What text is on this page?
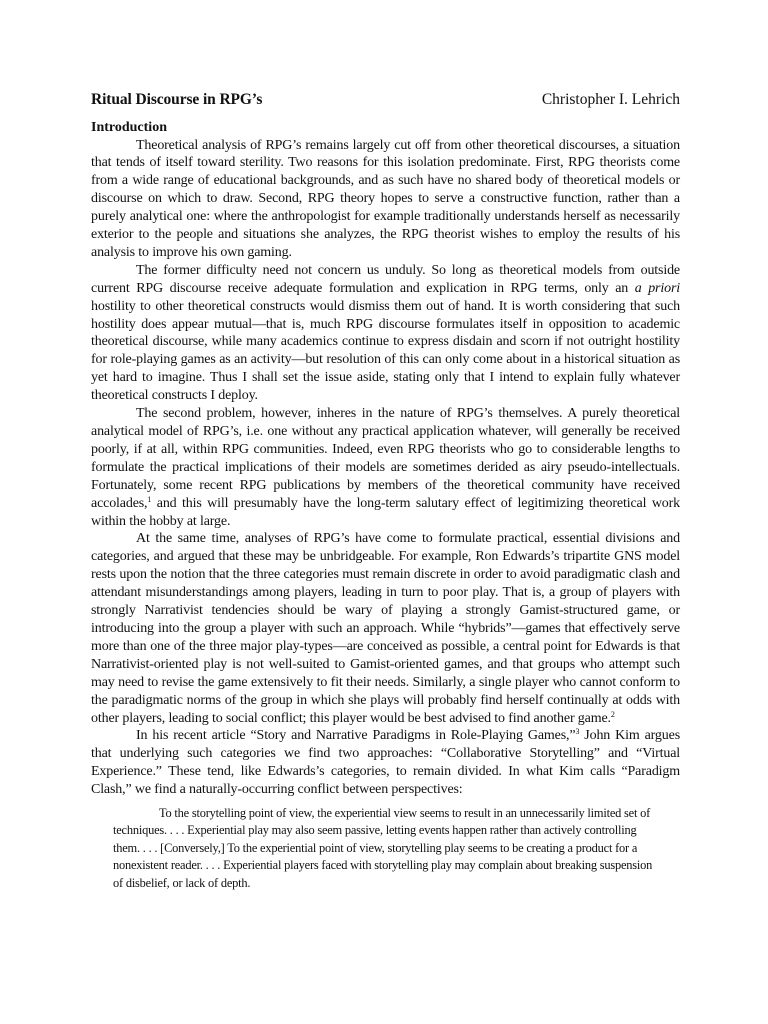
Ritual Discourse in RPG’s	Christopher I. Lehrich
Introduction

Theoretical analysis of RPG’s remains largely cut off from other theoretical discourses, a situation that tends of itself toward sterility. Two reasons for this isolation predominate. First, RPG theorists come from a wide range of educational backgrounds, and as such have no shared body of theoretical models or discourse on which to draw. Second, RPG theory hopes to serve a constructive function, rather than a purely analytical one: where the anthropologist for example traditionally understands herself as necessarily exterior to the people and situations she analyzes, the RPG theorist wishes to employ the results of his analysis to improve his own gaming.

The former difficulty need not concern us unduly. So long as theoretical models from outside current RPG discourse receive adequate formulation and explication in RPG terms, only an a priori hostility to other theoretical constructs would dismiss them out of hand. It is worth considering that such hostility does appear mutual—that is, much RPG discourse formulates itself in opposition to academic theoretical discourse, while many academics continue to express disdain and scorn if not outright hostility for role-playing games as an activity—but resolution of this can only come about in a historical situation as yet hard to imagine. Thus I shall set the issue aside, stating only that I intend to explain fully whatever theoretical constructs I deploy.

The second problem, however, inheres in the nature of RPG’s themselves. A purely theoretical analytical model of RPG’s, i.e. one without any practical application whatever, will generally be received poorly, if at all, within RPG communities. Indeed, even RPG theorists who go to considerable lengths to formulate the practical implications of their models are sometimes derided as airy pseudo-intellectuals. Fortunately, some recent RPG publications by members of the theoretical community have received accolades,$^1$ and this will presumably have the long-term salutary effect of legitimizing theoretical work within the hobby at large.

At the same time, analyses of RPG’s have come to formulate practical, essential divisions and categories, and argued that these may be unbridgeable. For example, Ron Edwards’s tripartite GNS model rests upon the notion that the three categories must remain discrete in order to avoid paradigmatic clash and attendant misunderstandings among players, leading in turn to poor play. That is, a group of players with strongly Narrativist tendencies should be wary of playing a strongly Gamist-structured game, or introducing into the group a player with such an approach. While “hybrids”—games that effectively serve more than one of the three major play-types—are conceived as possible, a central point for Edwards is that Narrativist-oriented play is not well-suited to Gamist-oriented games, and that groups who attempt such may need to revise the game extensively to fit their needs. Similarly, a single player who cannot conform to the paradigmatic norms of the group in which she plays will probably find herself continually at odds with other players, leading to social conflict; this player would be best advised to find another game.$^2$

In his recent article “Story and Narrative Paradigms in Role-Playing Games,”$^3$ John Kim argues that underlying such categories we find two approaches: “Collaborative Storytelling” and “Virtual Experience.” These tend, like Edwards’s categories, to remain divided. In what Kim calls “Paradigm Clash,” we find a naturally-occurring conflict between perspectives:

To the storytelling point of view, the experiential view seems to result in an unnecessarily limited set of techniques. . . . Experiential play may also seem passive, letting events happen rather than actively controlling them. . . . [Conversely,] To the experiential point of view, storytelling play seems to be creating a product for a nonexistent reader. . . . Experiential players faced with storytelling play may complain about breaking suspension of disbelief, or lack of depth.
